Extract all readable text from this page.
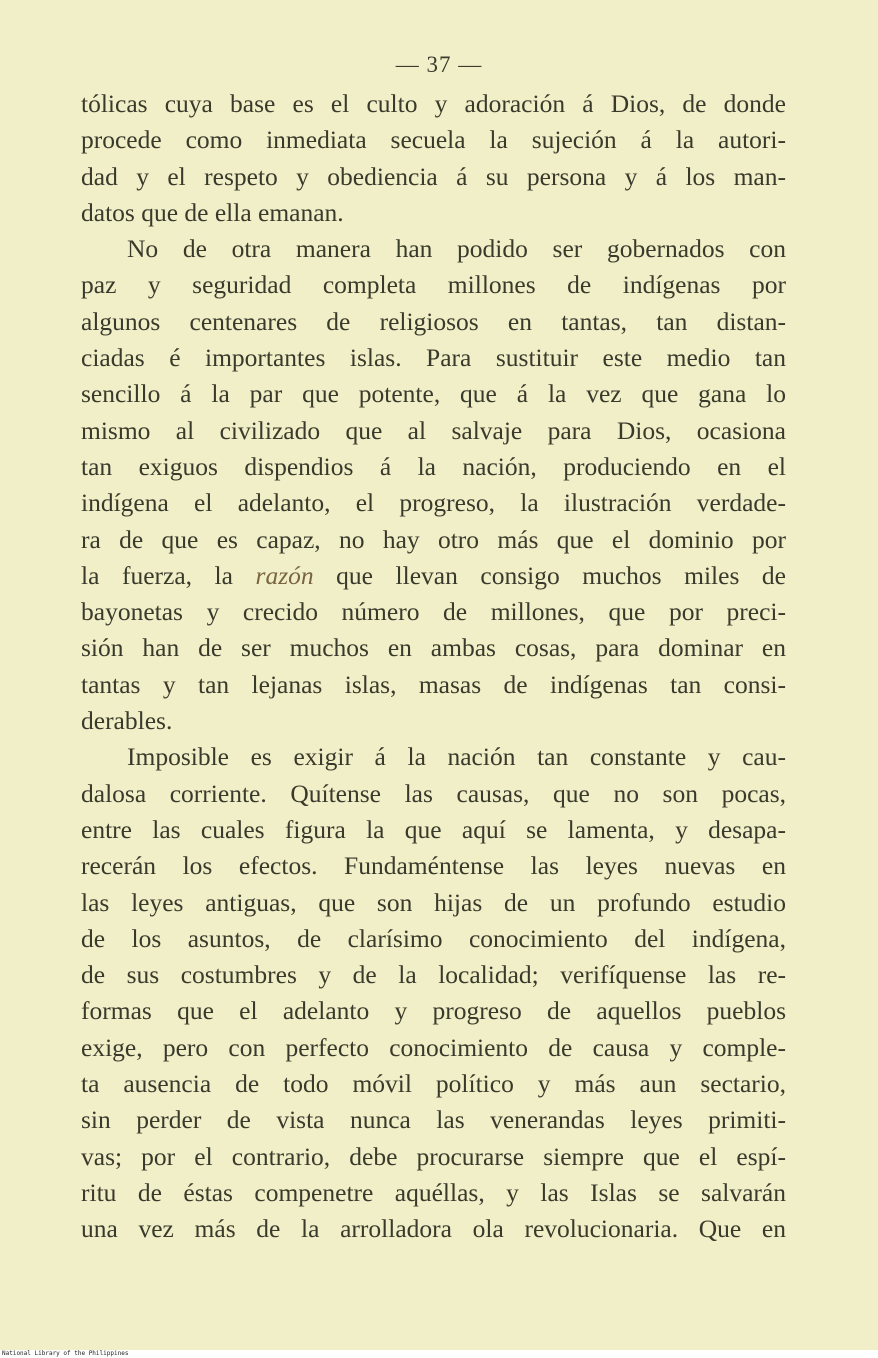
— 37 —
tólicas cuya base es el culto y adoración á Dios, de donde
procede como inmediata secuela la sujeción á la autori-
dad y el respeto y obediencia á su persona y á los man-
datos que de ella emanan.
No de otra manera han podido ser gobernados con
paz y seguridad completa millones de indígenas por
algunos centenares de religiosos en tantas, tan distan-
ciadas é importantes islas. Para sustituir este medio tan
sencillo á la par que potente, que á la vez que gana lo
mismo al civilizado que al salvaje para Dios, ocasiona
tan exiguos dispendios á la nación, produciendo en el
indígena el adelanto, el progreso, la ilustración verdade-
ra de que es capaz, no hay otro más que el dominio por
la fuerza, la razón que llevan consigo muchos miles de
bayonetas y crecido número de millones, que por preci-
sión han de ser muchos en ambas cosas, para dominar en
tantas y tan lejanas islas, masas de indígenas tan consi-
derables.
Imposible es exigir á la nación tan constante y cau-
dalosa corriente. Quítense las causas, que no son pocas,
entre las cuales figura la que aquí se lamenta, y desapa-
recerán los efectos. Fundaméntense las leyes nuevas en
las leyes antiguas, que son hijas de un profundo estudio
de los asuntos, de clarísimo conocimiento del indígena,
de sus costumbres y de la localidad; verifíquense las re-
formas que el adelanto y progreso de aquellos pueblos
exige, pero con perfecto conocimiento de causa y comple-
ta ausencia de todo móvil político y más aun sectario,
sin perder de vista nunca las venerandas leyes primiti-
vas; por el contrario, debe procurarse siempre que el espí-
ritu de éstas compenetre aquéllas, y las Islas se salvarán
una vez más de la arrolladora ola revolucionaria. Que en
National Library of the Philippines
